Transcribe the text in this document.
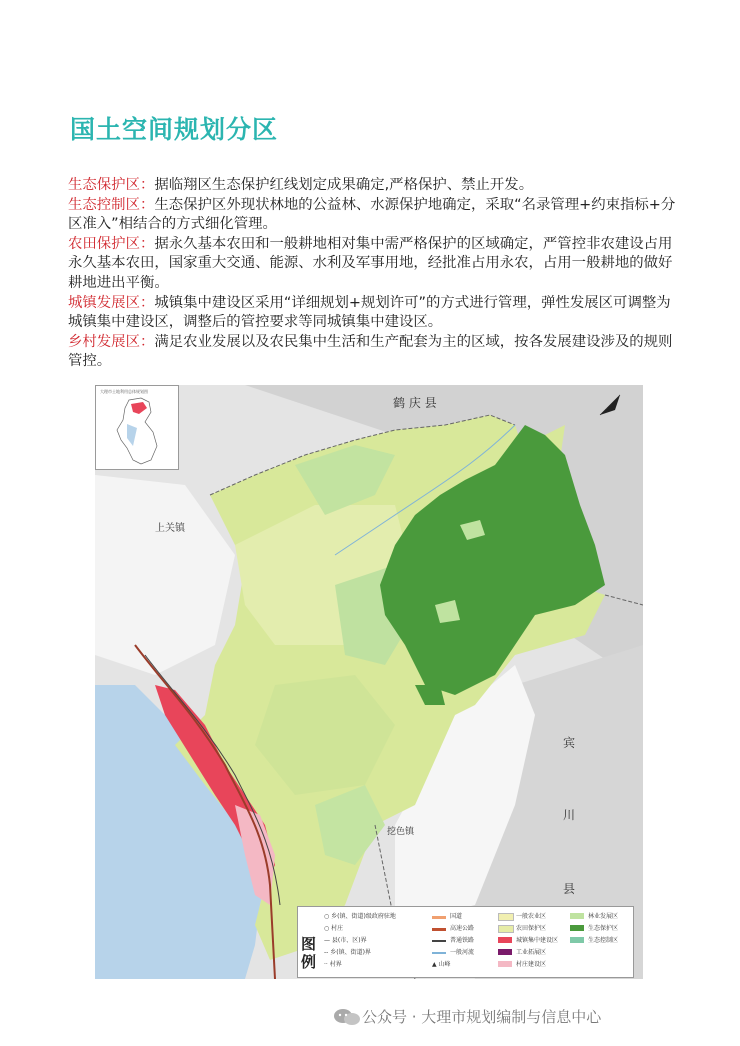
国土空间规划分区

生态保护区：据临翔区生态保护红线划定成果确定,严格保护、禁止开发。

生态控制区：生态保护区外现状林地的公益林、水源保护地确定，采取“名录管理+约束指标+分区准入”相结合的方式细化管理。

农田保护区：据永久基本农田和一般耕地相对集中需严格保护的区域确定，严管控非农建设占用永久基本农田，国家重大交通、能源、水利及军事用地，经批准占用永农，占用一般耕地的做好耕地进出平衡。

城镇发展区：城镇集中建设区采用“详细规划+规划许可”的方式进行管理，弹性发展区可调整为城镇集中建设区，调整后的管控要求等同城镇集中建设区。

乡村发展区：满足农业发展以及农民集中生活和生产配套为主的区域，按各发展建设涉及的规则管控。

鹤 庆 县
上关镇
挖色镇
宾
川
县
大理市土地利用总体规划图
图例
○ 乡(镇、街道)级政府驻地
○ 村庄
— 县(市、区)界
-- 乡(镇、街道)界
·· 村界
国道
高速公路
普通铁路
一般河流
▲ 山峰
一般农业区
农田保护区
城镇集中建设区
工业拓展区
村庄建设区
林业发展区
生态保护区
生态控制区
公众号 · 大理市规划编制与信息中心
